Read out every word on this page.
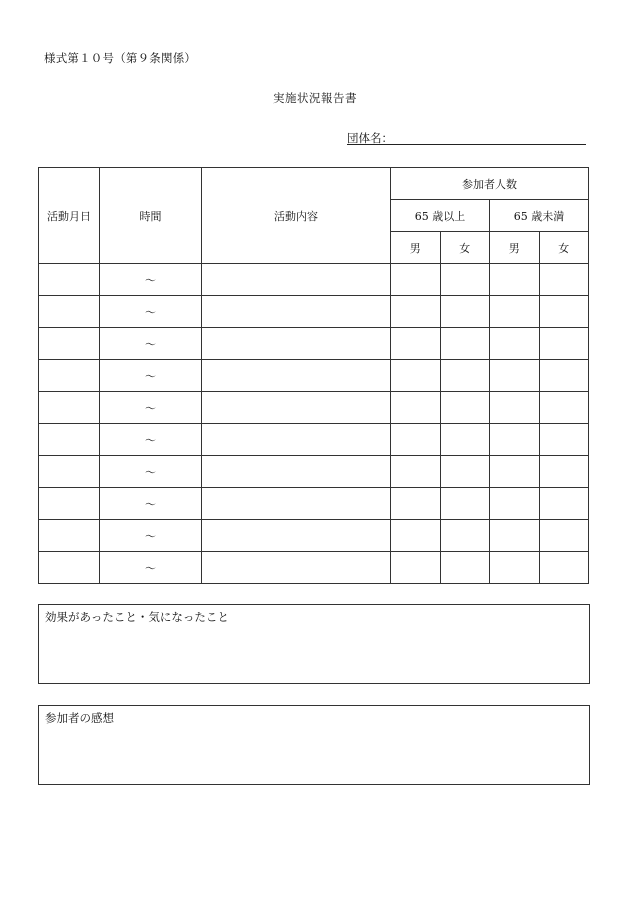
様式第１０号（第９条関係）
実施状況報告書
団体名：
活動月日	時間	活動内容	参加者人数			
			65 歳以上		65 歳未満	
			男	女	男	女
	～					
	～					
	～					
	～					
	～					
	～					
	～					
	～					
	～					
	～					
効果があったこと・気になったこと
参加者の感想
